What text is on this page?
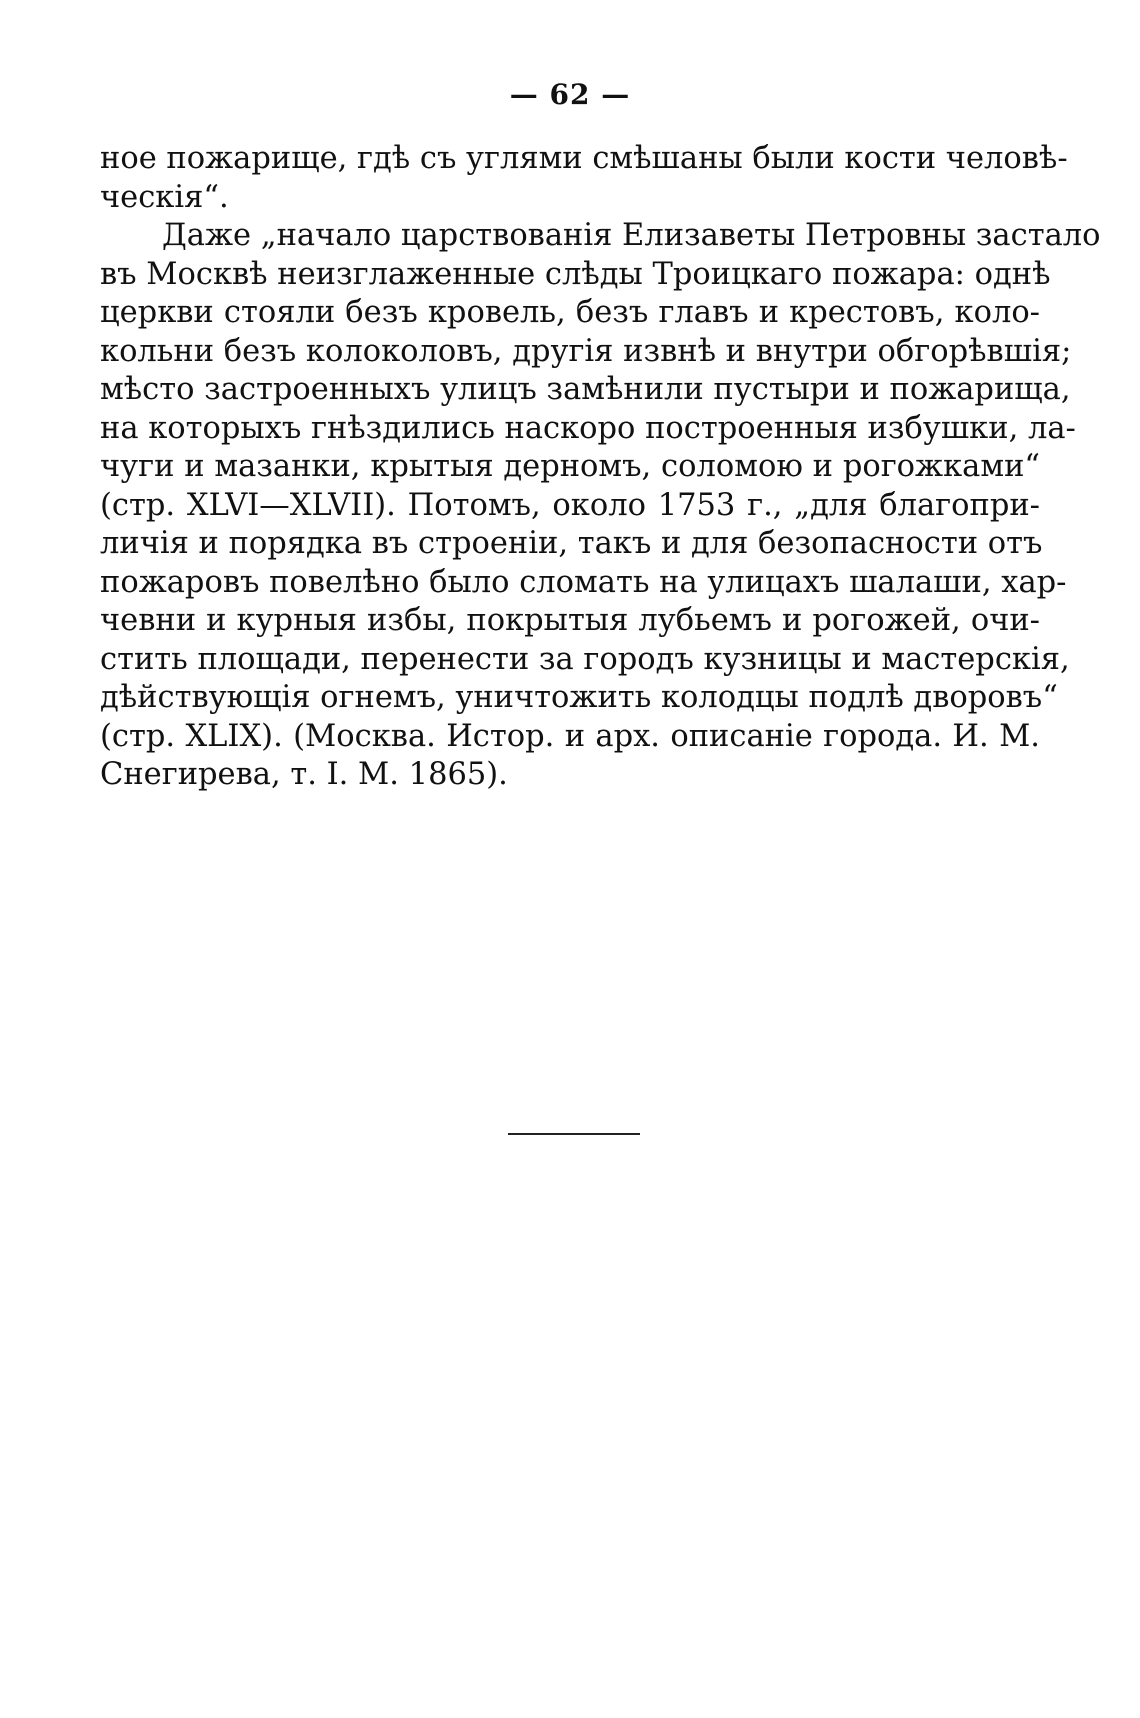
— 62 —
ное пожарище, гдѣ съ углями смѣшаны были кости человѣ-
ческія“.
Даже „начало царствованія Елизаветы Петровны застало
въ Москвѣ неизглаженные слѣды Троицкаго пожара: однѣ
церкви стояли безъ кровель, безъ главъ и крестовъ, коло-
кольни безъ колоколовъ, другія извнѣ и внутри обгорѣвшія;
мѣсто застроенныхъ улицъ замѣнили пустыри и пожарища,
на которыхъ гнѣздились наскоро построенныя избушки, ла-
чуги и мазанки, крытыя дерномъ, соломою и рогожками“
(стр. XLVI—XLVII). Потомъ, около 1753 г., „для благопри-
личія и порядка въ строеніи, такъ и для безопасности отъ
пожаровъ повелѣно было сломать на улицахъ шалаши, хар-
чевни и курныя избы, покрытыя лубьемъ и рогожей, очи-
стить площади, перенести за городъ кузницы и мастерскія,
дѣйствующія огнемъ, уничтожить колодцы подлѣ дворовъ“
(стр. XLIX). (Москва. Истор. и арх. описаніе города. И. М.
Снегирева, т. I. М. 1865).
